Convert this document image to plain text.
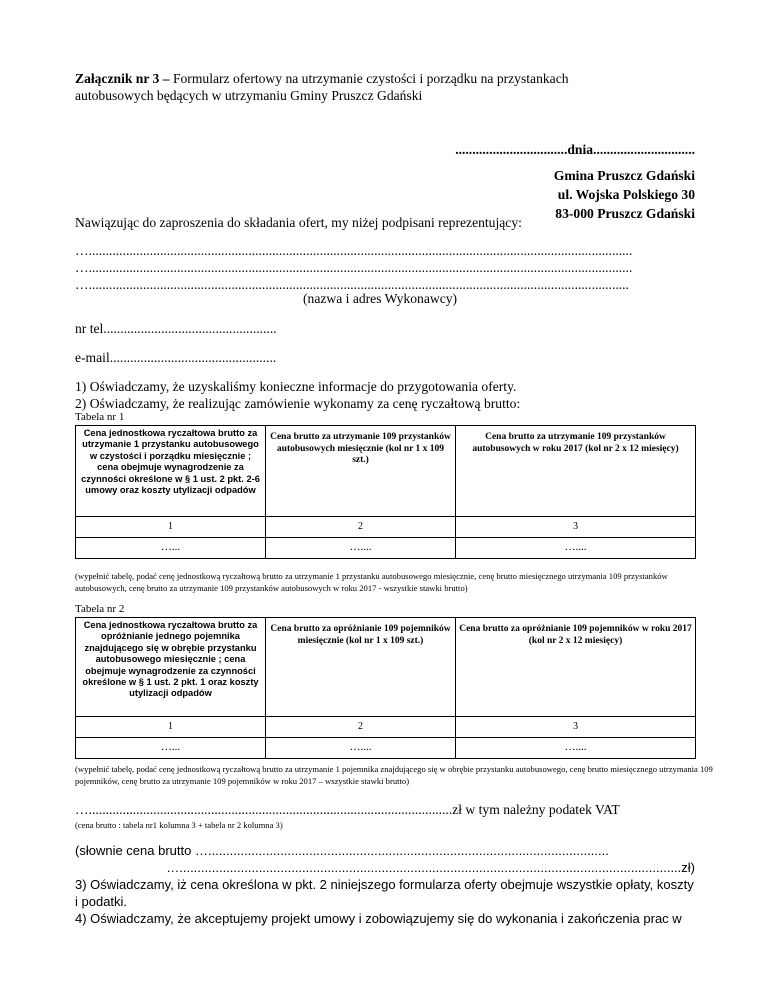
Załącznik nr 3 – Formularz ofertowy na utrzymanie czystości i porządku na przystankach

autobusowych będących w utrzymaniu Gminy Pruszcz Gdański

.................................dnia..............................

Gmina Pruszcz Gdański
ul. Wojska Polskiego 30
83-000 Pruszcz Gdański

Nawiązując do zaproszenia do składania ofert, my niżej podpisani reprezentujący:

…................................................................................................................................................................
…................................................................................................................................................................
…...............................................................................................................................................................

(nazwa i adres Wykonawcy)

nr tel...................................................

e-mail.................................................

1) Oświadczamy, że uzyskaliśmy konieczne informacje do przygotowania oferty.

2) Oświadczamy, że realizując zamówienie wykonamy za cenę ryczałtową brutto:

Tabela nr 1

Cena jednostkowa ryczałtowa brutto za utrzymanie 1 przystanku autobusowego w czystości i porządku miesięcznie ; cena obejmuje wynagrodzenie za czynności określone w § 1 ust. 2 pkt. 2-6 umowy oraz koszty utylizacji odpadów	Cena brutto za utrzymanie 109 przystanków autobusowych miesięcznie (kol nr 1 x 109 szt.)	Cena brutto za utrzymanie 109 przystanków autobusowych w roku 2017 (kol nr 2 x 12 miesięcy)
1	2	3
…...	…....	…....

(wypełnić tabelę, podać cenę jednostkową ryczałtową brutto za utrzymanie 1 przystanku autobusowego miesięcznie, cenę brutto miesięcznego utrzymania 109 przystanków autobusowych, cenę brutto za utrzymanie 109 przystanków autobusowych w roku 2017 - wszystkie stawki brutto)

Tabela nr 2

Cena jednostkowa ryczałtowa brutto za opróżnianie jednego pojemnika znajdującego się w obrębie przystanku autobusowego miesięcznie ; cena obejmuje wynagrodzenie za czynności określone w § 1 ust. 2 pkt. 1 oraz koszty utylizacji odpadów	Cena brutto za opróżnianie 109 pojemników miesięcznie (kol nr 1 x 109 szt.)	Cena brutto za opróżnianie 109 pojemników w roku 2017 (kol nr 2 x 12 miesięcy)
1	2	3
…...	…....	…....

(wypełnić tabelę, podać cenę jednostkową ryczałtową brutto za utrzymanie 1 pojemnika znajdującego się w obrębie przystanku autobusowego, cenę brutto miesięcznego utrzymania 109 pojemników, cenę brutto za utrzymanie 109 pojemników w roku 2017 – wszystkie stawki brutto)

…...........................................................................................................zł w tym należny podatek VAT

(cena brutto : tabela nr1 kolumna 3 + tabela nr 2 kolumna 3)

(słownie cena brutto …...............................................................................................................
…...........................................................................................................................................zł)
3) Oświadczamy, iż cena określona w pkt. 2 niniejszego formularza oferty obejmuje wszystkie opłaty, koszty i podatki.
4) Oświadczamy, że akceptujemy projekt umowy i zobowiązujemy się do wykonania i zakończenia prac w
